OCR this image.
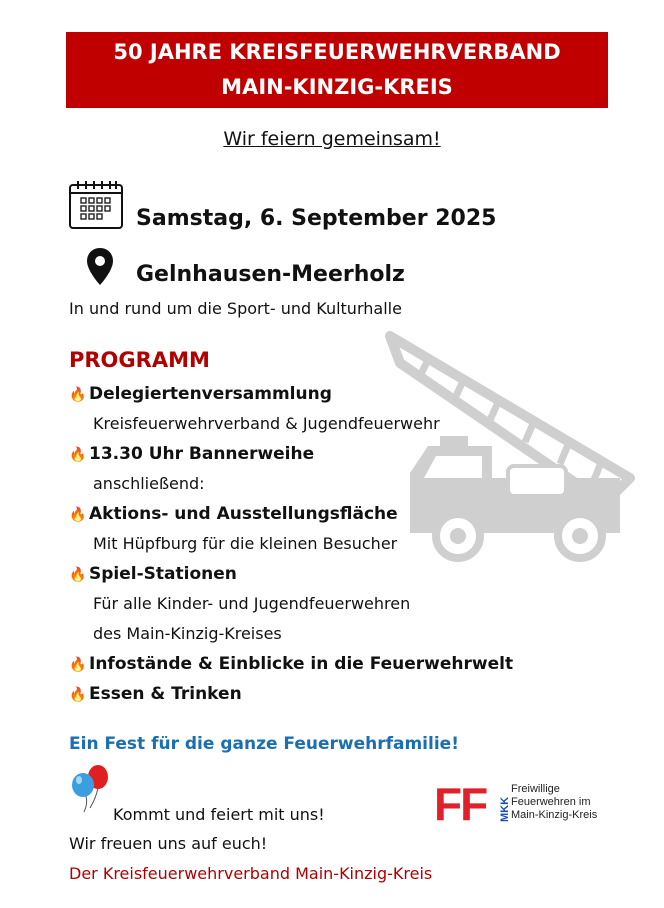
50 JAHRE KREISFEUERWEHRVERBAND
MAIN-KINZIG-KREIS
Wir feiern gemeinsam!
Samstag, 6. September 2025
Gelnhausen-Meerholz
In und rund um die Sport- und Kulturhalle
PROGRAMM
🔥 Delegiertenversammlung
Kreisfeuerwehrverband & Jugendfeuerwehr
🔥 13.30 Uhr Bannerweihe
anschließend:
🔥 Aktions- und Ausstellungsfläche
Mit Hüpfburg für die kleinen Besucher
🔥 Spiel-Stationen
Für alle Kinder- und Jugendfeuerwehren
des Main-Kinzig-Kreises
🔥 Infostände & Einblicke in die Feuerwehrwelt
🔥 Essen & Trinken
Ein Fest für die ganze Feuerwehrfamilie!
Kommt und feiert mit uns!
Wir freuen uns auf euch!
Der Kreisfeuerwehrverband Main-Kinzig-Kreis
FF MKK
Freiwillige
Feuerwehren im
Main-Kinzig-Kreis
